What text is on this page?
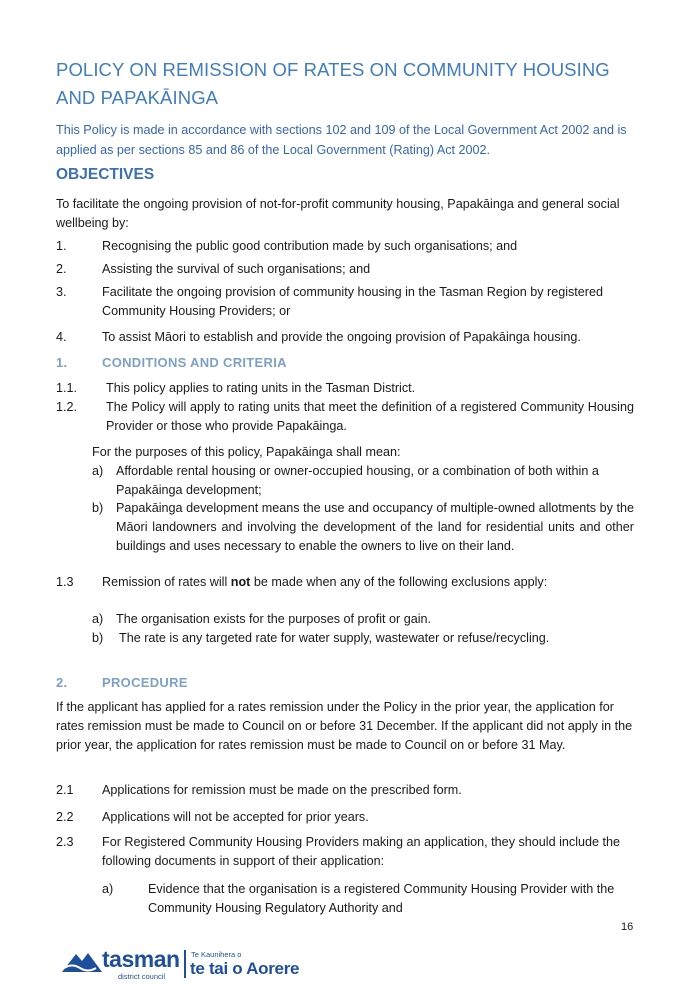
POLICY ON REMISSION OF RATES ON COMMUNITY HOUSING AND PAPAKĀINGA

This Policy is made in accordance with sections 102 and 109 of the Local Government Act 2002 and is applied as per sections 85 and 86 of the Local Government (Rating) Act 2002.

OBJECTIVES

To facilitate the ongoing provision of not-for-profit community housing, Papakāinga and general social wellbeing by:

1.	Recognising the public good contribution made by such organisations; and
2.	Assisting the survival of such organisations; and
3.	Facilitate the ongoing provision of community housing in the Tasman Region by registered Community Housing Providers; or
4.	To assist Māori to establish and provide the ongoing provision of Papakāinga housing.
1.	CONDITIONS AND CRITERIA
1.1. This policy applies to rating units in the Tasman District.
1.2. The Policy will apply to rating units that meet the definition of a registered Community Housing Provider or those who provide Papakāinga.

For the purposes of this policy, Papakāinga shall mean:

a) Affordable rental housing or owner-occupied housing, or a combination of both within a Papakāinga development;
b) Papakāinga development means the use and occupancy of multiple-owned allotments by the Māori landowners and involving the development of the land for residential units and other buildings and uses necessary to enable the owners to live on their land.
1.3 Remission of rates will not be made when any of the following exclusions apply:
a) The organisation exists for the purposes of profit or gain.
b) The rate is any targeted rate for water supply, wastewater or refuse/recycling.
2.	PROCEDURE

If the applicant has applied for a rates remission under the Policy in the prior year, the application for rates remission must be made to Council on or before 31 December. If the applicant did not apply in the prior year, the application for rates remission must be made to Council on or before 31 May.

2.1 Applications for remission must be made on the prescribed form.
2.2 Applications will not be accepted for prior years.
2.3 For Registered Community Housing Providers making an application, they should include the following documents in support of their application:
a)	Evidence that the organisation is a registered Community Housing Provider with the Community Housing Regulatory Authority and
16
tasman
district council
Te Kaunihera o
te tai o Aorere
